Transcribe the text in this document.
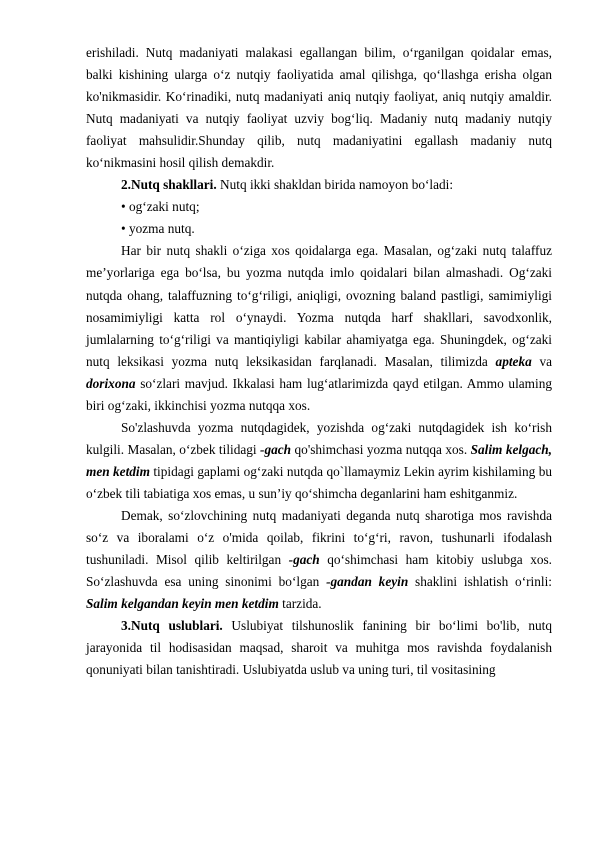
erishiladi. Nutq madaniyati malakasi egallangan bilim, o‘rganilgan qoidalar emas, balki kishining ularga o‘z nutqiy faoliyatida amal qilishga, qo‘llashga erisha olgan ko'nikmasidir. Ko‘rinadiki, nutq madaniyati aniq nutqiy faoliyat, aniq nutqiy amaldir. Nutq madaniyati va nutqiy faoliyat uzviy bog‘liq. Madaniy nutq madaniy nutqiy faoliyat mahsulidir.Shunday qilib, nutq madaniyatini egallash madaniy nutq ko‘nikmasini hosil qilish demakdir.

2.Nutq shakllari. Nutq ikki shakldan birida namoyon bo‘ladi:

• og‘zaki nutq;

• yozma nutq.

Har bir nutq shakli o‘ziga xos qoidalarga ega. Masalan, og‘zaki nutq talaffuz me’yorlariga ega bo‘lsa, bu yozma nutqda imlo qoidalari bilan almashadi. Og‘zaki nutqda ohang, talaffuzning to‘g‘riligi, aniqligi, ovozning baland pastligi, samimiyligi nosamimiyligi katta rol o‘ynaydi. Yozma nutqda harf shakllari, savodxonlik, jumlalarning to‘g‘riligi va mantiqiyligi kabilar ahamiyatga ega. Shuningdek, og‘zaki nutq leksikasi yozma nutq leksikasidan farqlanadi. Masalan, tilimizda apteka va dorixona so‘zlari mavjud. Ikkalasi ham lug‘atlarimizda qayd etilgan. Ammo ulaming biri og‘zaki, ikkinchisi yozma nutqqa xos.

So'zlashuvda yozma nutqdagidek, yozishda og‘zaki nutqdagidek ish ko‘rish kulgili. Masalan, o‘zbek tilidagi -gach qo'shimchasi yozma nutqqa xos. Salim kelgach, men ketdim tipidagi gaplami og‘zaki nutqda qo`llamaymiz Lekin ayrim kishilaming bu o‘zbek tili tabiatiga xos emas, u sun’iy qo‘shimcha deganlarini ham eshitganmiz.

Demak, so‘zlovchining nutq madaniyati deganda nutq sharotiga mos ravishda so‘z va iboralami o‘z o'mida qoilab, fikrini to‘g‘ri, ravon, tushunarli ifodalash tushuniladi. Misol qilib keltirilgan -gach qo‘shimchasi ham kitobiy uslubga xos. So‘zlashuvda esa uning sinonimi bo‘lgan -gandan keyin shaklini ishlatish o‘rinli: Salim kelgandan keyin men ketdim tarzida.

3.Nutq uslublari. Uslubiyat tilshunoslik fanining bir bo‘limi bo'lib, nutq jarayonida til hodisasidan maqsad, sharoit va muhitga mos ravishda foydalanish qonuniyati bilan tanishtiradi. Uslubiyatda uslub va uning turi, til vositasining
